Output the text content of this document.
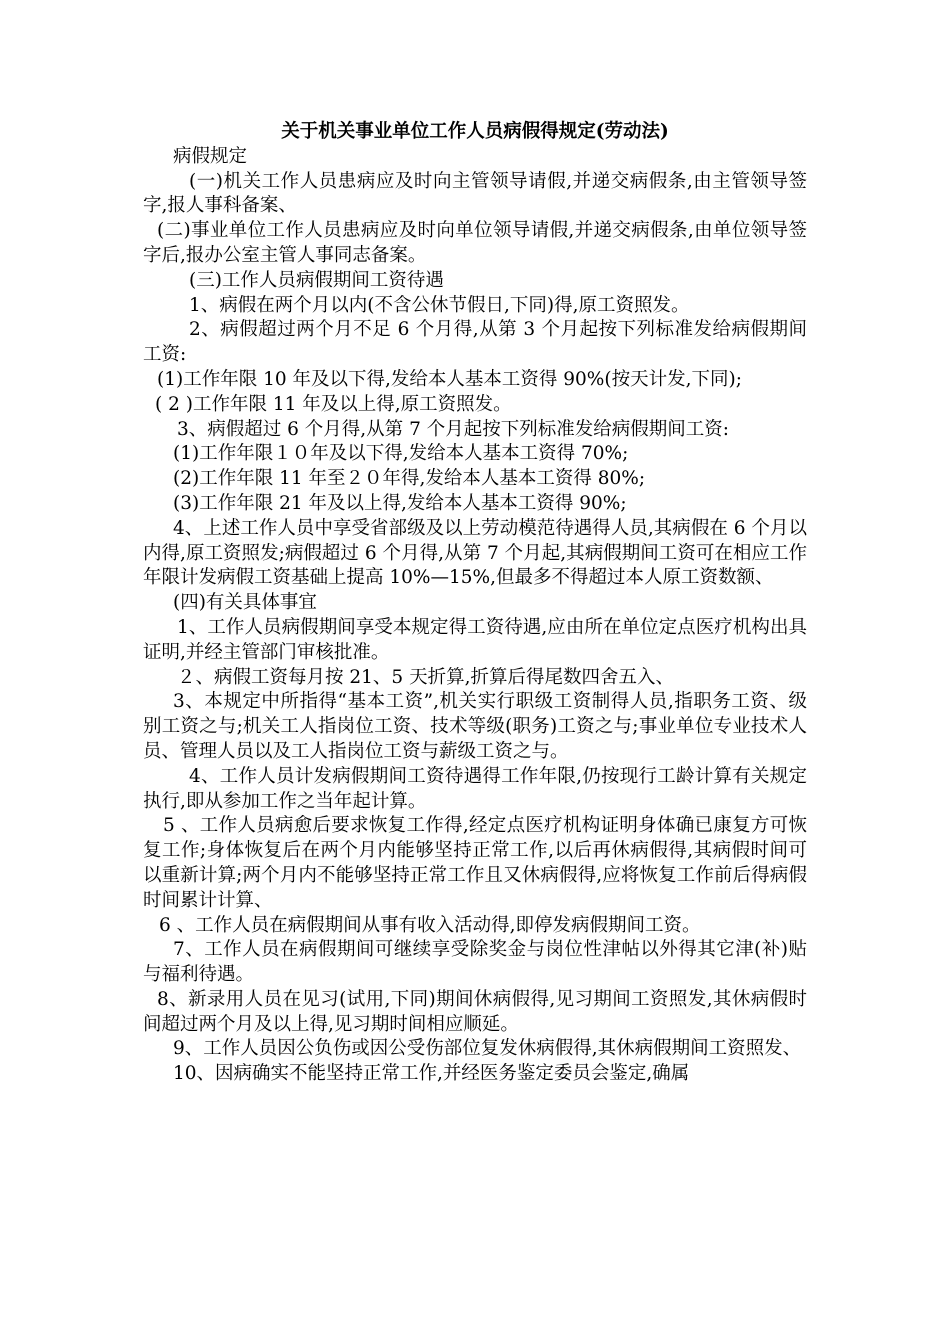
关于机关事业单位工作人员病假得规定(劳动法)

病假规定

(一)机关工作人员患病应及时向主管领导请假,并递交病假条,由主管领导签字,报人事科备案、

(二)事业单位工作人员患病应及时向单位领导请假,并递交病假条,由单位领导签字后,报办公室主管人事同志备案。

(三)工作人员病假期间工资待遇

1、病假在两个月以内(不含公休节假日,下同)得,原工资照发。

2、病假超过两个月不足 6 个月得,从第 3 个月起按下列标准发给病假期间工资:

(1)工作年限 10 年及以下得,发给本人基本工资得 90%(按天计发,下同);

( 2 )工作年限 11 年及以上得,原工资照发。

3、病假超过 6 个月得,从第 7 个月起按下列标准发给病假期间工资:

(1)工作年限１０年及以下得,发给本人基本工资得 70%;

(2)工作年限 11 年至２０年得,发给本人基本工资得 80%;

(3)工作年限 21 年及以上得,发给本人基本工资得 90%;

4、上述工作人员中享受省部级及以上劳动模范待遇得人员,其病假在 6 个月以内得,原工资照发;病假超过 6 个月得,从第 7 个月起,其病假期间工资可在相应工作年限计发病假工资基础上提高 10%—15%,但最多不得超过本人原工资数额、

(四)有关具体事宜

1、工作人员病假期间享受本规定得工资待遇,应由所在单位定点医疗机构出具证明,并经主管部门审核批准。

２、病假工资每月按 21、5 天折算,折算后得尾数四舍五入、

3、本规定中所指得“基本工资”,机关实行职级工资制得人员,指职务工资、级别工资之与;机关工人指岗位工资、技术等级(职务)工资之与;事业单位专业技术人员、管理人员以及工人指岗位工资与薪级工资之与。

4、工作人员计发病假期间工资待遇得工作年限,仍按现行工龄计算有关规定执行,即从参加工作之当年起计算。

5 、工作人员病愈后要求恢复工作得,经定点医疗机构证明身体确已康复方可恢复工作;身体恢复后在两个月内能够坚持正常工作,以后再休病假得,其病假时间可以重新计算;两个月内不能够坚持正常工作且又休病假得,应将恢复工作前后得病假时间累计计算、

6 、工作人员在病假期间从事有收入活动得,即停发病假期间工资。

7、工作人员在病假期间可继续享受除奖金与岗位性津帖以外得其它津(补)贴与福利待遇。

8、新录用人员在见习(试用,下同)期间休病假得,见习期间工资照发,其休病假时间超过两个月及以上得,见习期时间相应顺延。

9、工作人员因公负伤或因公受伤部位复发休病假得,其休病假期间工资照发、

10、因病确实不能坚持正常工作,并经医务鉴定委员会鉴定,确属
